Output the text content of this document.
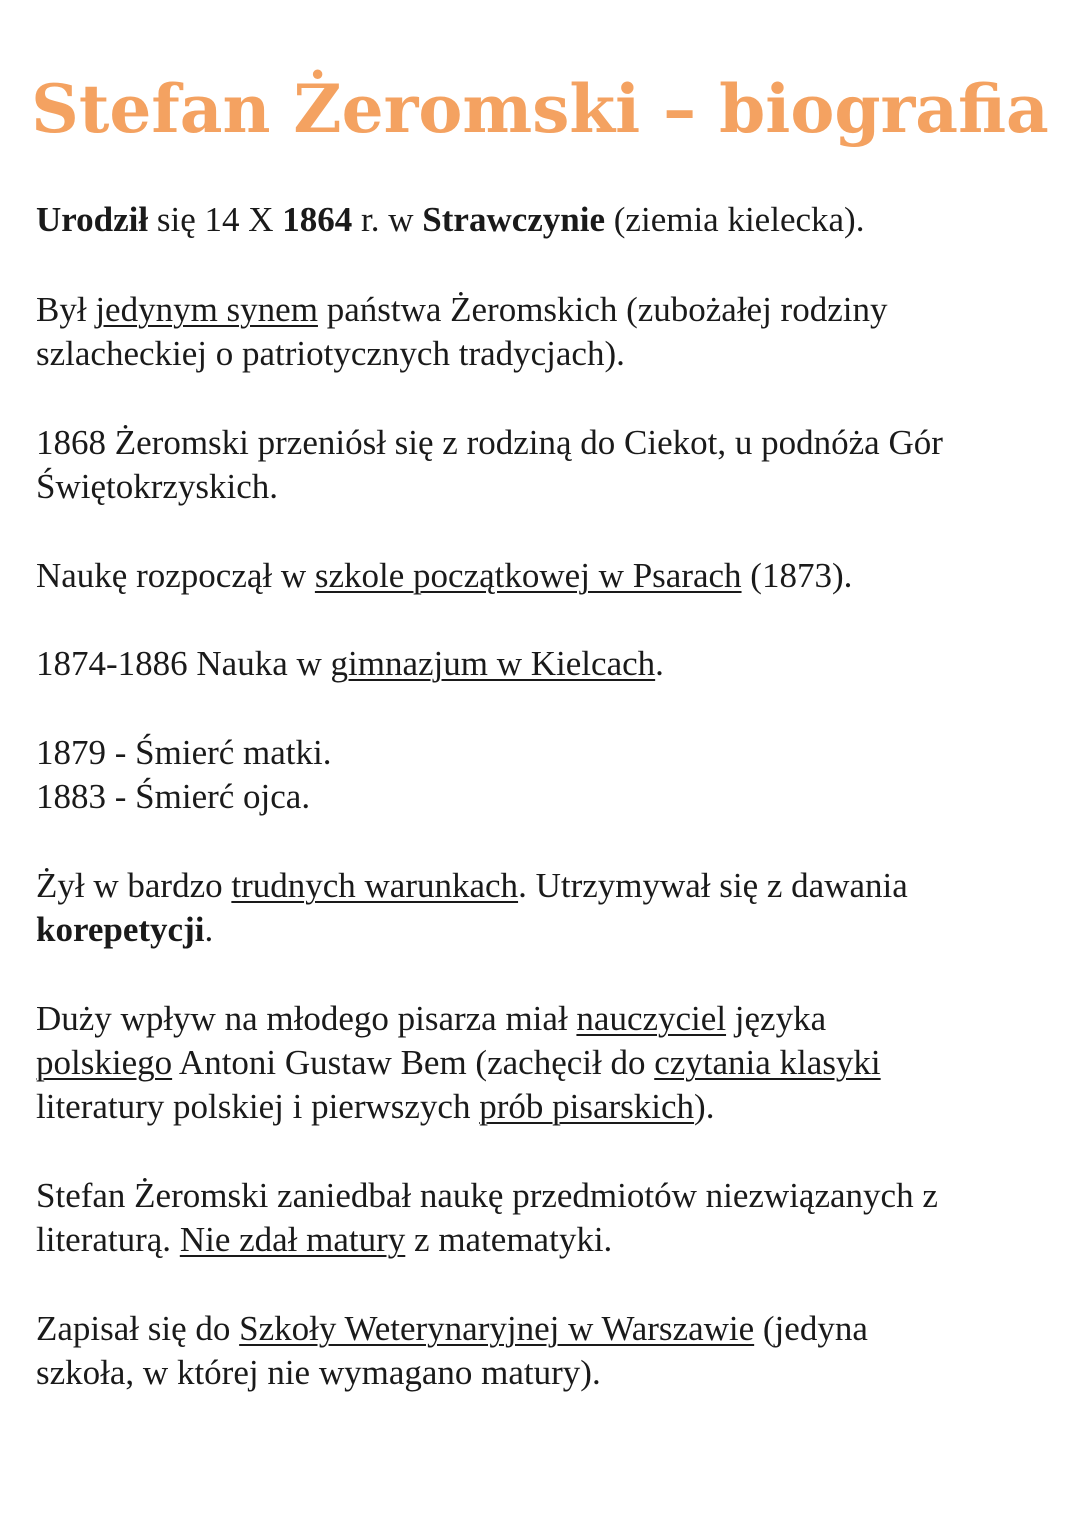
Stefan Żeromski – biografia
Urodził się 14 X 1864 r. w Strawczynie (ziemia kielecka).
Był jedynym synem państwa Żeromskich (zubożałej rodziny
szlacheckiej o patriotycznych tradycjach).
1868 Żeromski przeniósł się z rodziną do Ciekot, u podnóża Gór
Świętokrzyskich.
Naukę rozpoczął w szkole początkowej w Psarach (1873).
1874-1886 Nauka w gimnazjum w Kielcach.
1879 - Śmierć matki.
1883 - Śmierć ojca.
Żył w bardzo trudnych warunkach. Utrzymywał się z dawania
korepetycji.
Duży wpływ na młodego pisarza miał nauczyciel języka
polskiego Antoni Gustaw Bem (zachęcił do czytania klasyki
literatury polskiej i pierwszych prób pisarskich).
Stefan Żeromski zaniedbał naukę przedmiotów niezwiązanych z
literaturą. Nie zdał matury z matematyki.
Zapisał się do Szkoły Weterynaryjnej w Warszawie (jedyna
szkoła, w której nie wymagano matury).
